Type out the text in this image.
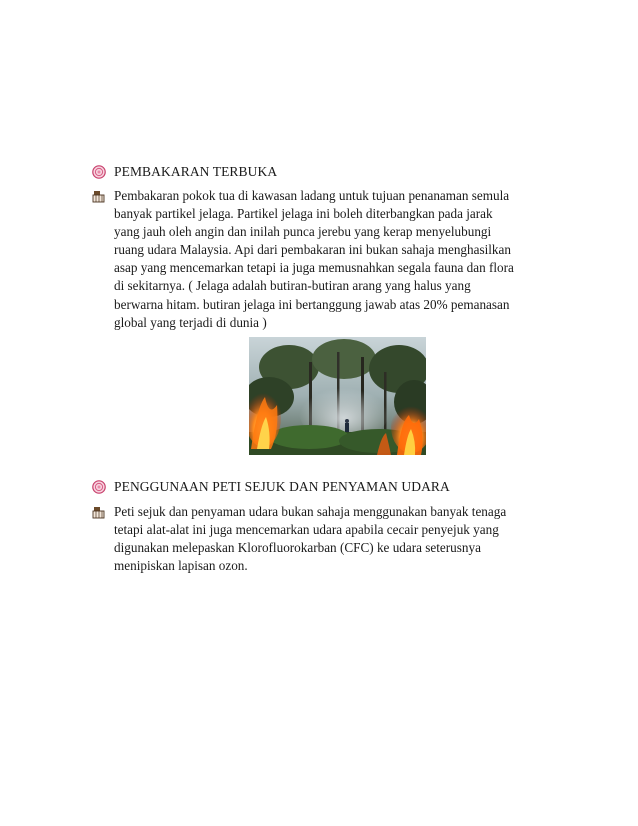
PEMBAKARAN TERBUKA

Pembakaran pokok tua di kawasan ladang untuk tujuan penanaman semula
banyak partikel jelaga. Partikel jelaga ini boleh diterbangkan pada jarak
yang jauh oleh angin dan inilah punca jerebu yang kerap menyelubungi
ruang udara Malaysia. Api dari pembakaran ini bukan sahaja menghasilkan
asap yang mencemarkan tetapi ia juga memusnahkan segala fauna dan flora
di sekitarnya. ( Jelaga adalah butiran-butiran arang yang halus yang
berwarna hitam. butiran jelaga ini bertanggung jawab atas 20% pemanasan
global yang terjadi di dunia )

PENGGUNAAN PETI SEJUK DAN PENYAMAN UDARA

Peti sejuk dan penyaman udara bukan sahaja menggunakan banyak tenaga
tetapi alat-alat ini juga mencemarkan udara apabila cecair penyejuk yang
digunakan melepaskan Klorofluorokarban (CFC) ke udara seterusnya
menipiskan lapisan ozon.
